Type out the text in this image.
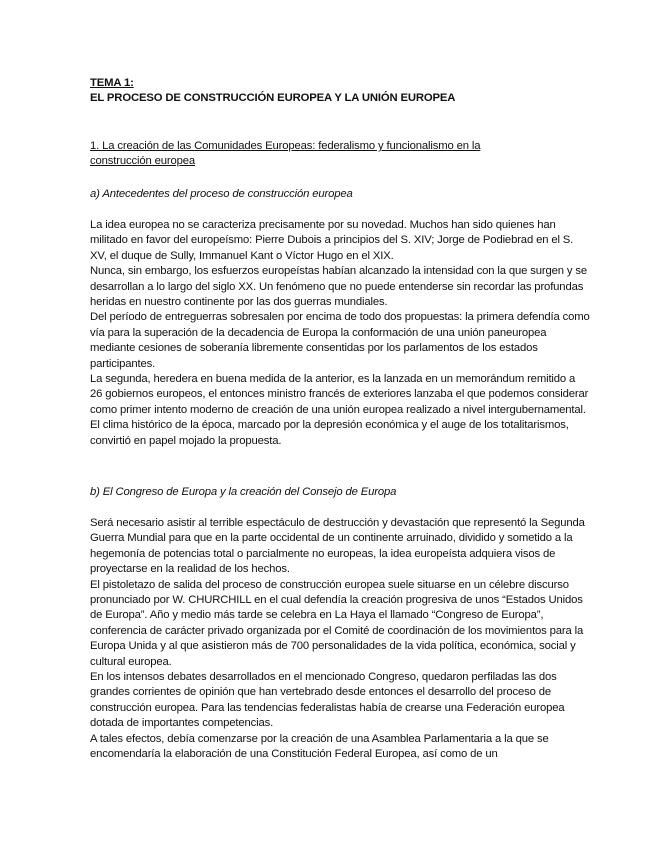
TEMA 1:
EL PROCESO DE CONSTRUCCIÓN EUROPEA Y LA UNIÓN EUROPEA
1. La creación de las Comunidades Europeas: federalismo y funcionalismo en la construcción europea
a) Antecedentes del proceso de construcción europea

La idea europea no se caracteriza precisamente por su novedad. Muchos han sido quienes han militado en favor del europeísmo: Pierre Dubois a principios del S. XIV; Jorge de Podiebrad en el S. XV, el duque de Sully, Immanuel Kant o Víctor Hugo en el XIX.

Nunca, sin embargo, los esfuerzos europeístas habían alcanzado la intensidad con la que surgen y se desarrollan a lo largo del siglo XX. Un fenómeno que no puede entenderse sin recordar las profundas heridas en nuestro continente por las dos guerras mundiales.

Del período de entreguerras sobresalen por encima de todo dos propuestas: la primera defendía como vía para la superación de la decadencia de Europa la conformación de una unión paneuropea mediante cesiones de soberanía libremente consentidas por los parlamentos de los estados participantes.

La segunda, heredera en buena medida de la anterior, es la lanzada en un memorándum remitido a 26 gobiernos europeos, el entonces ministro francés de exteriores lanzaba el que podemos considerar como primer intento moderno de creación de una unión europea realizado a nivel intergubernamental. El clima histórico de la época, marcado por la depresión económica y el auge de los totalitarismos, convirtió en papel mojado la propuesta.

b) El Congreso de Europa y la creación del Consejo de Europa

Será necesario asistir al terrible espectáculo de destrucción y devastación que representó la Segunda Guerra Mundial para que en la parte occidental de un continente arruinado, dividido y sometido a la hegemonía de potencias total o parcialmente no europeas, la idea europeísta adquiera visos de proyectarse en la realidad de los hechos.

El pistoletazo de salida del proceso de construcción europea suele situarse en un célebre discurso pronunciado por W. CHURCHILL en el cual defendía la creación progresiva de unos “Estados Unidos de Europa”. Año y medio más tarde se celebra en La Haya el llamado “Congreso de Europa”, conferencia de carácter privado organizada por el Comité de coordinación de los movimientos para la Europa Unida y al que asistieron más de 700 personalidades de la vida política, económica, social y cultural europea.

En los intensos debates desarrollados en el mencionado Congreso, quedaron perfiladas las dos grandes corrientes de opinión que han vertebrado desde entonces el desarrollo del proceso de construcción europea. Para las tendencias federalistas había de crearse una Federación europea dotada de importantes competencias.

A tales efectos, debía comenzarse por la creación de una Asamblea Parlamentaria a la que se encomendaría la elaboración de una Constitución Federal Europea, así como de un
